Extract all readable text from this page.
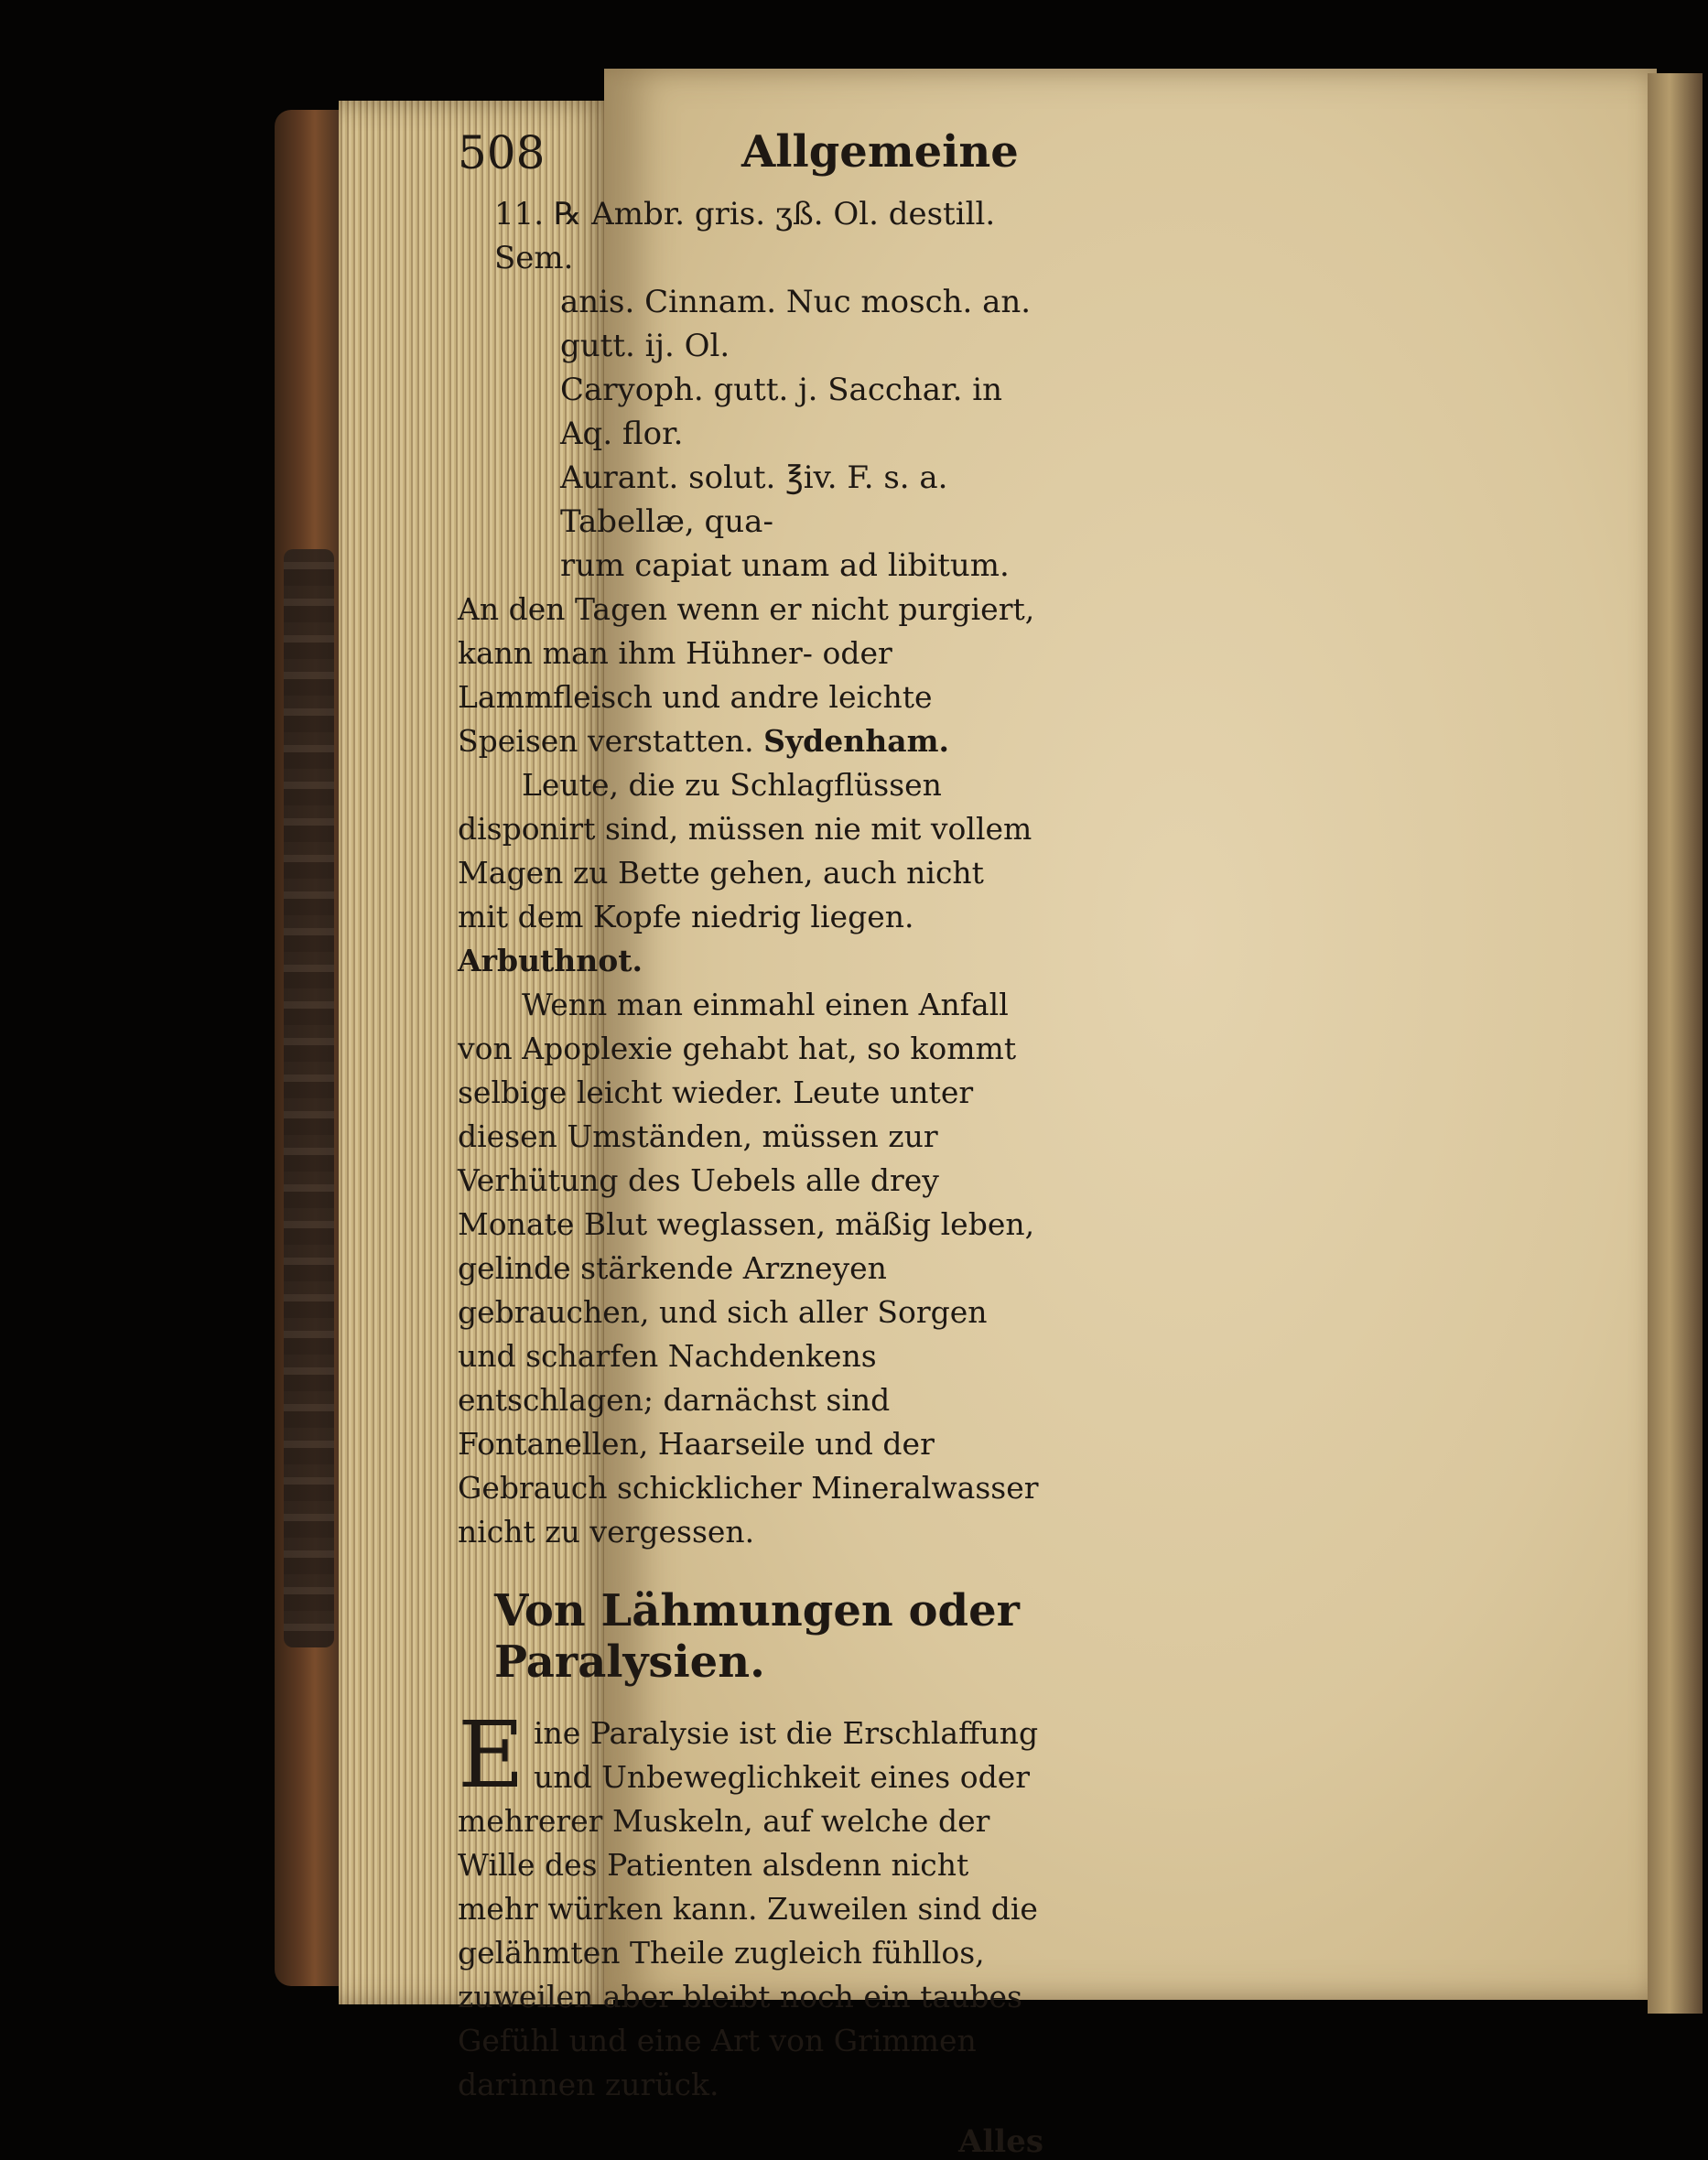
508	Allgemeine

11. ℞ Ambr. gris. ʒß. Ol. destill. Sem.

anis. Cinnam. Nuc mosch. an. gutt. ij. Ol.

Caryoph. gutt. j. Sacchar. in Aq. flor.

Aurant. solut. ℥iv. F. s. a. Tabellæ, qua-

rum capiat unam ad libitum.

An den Tagen wenn er nicht purgiert, kann man ihm Hühner- oder Lammfleisch und andre leichte Speisen verstatten. Sydenham.

Leute, die zu Schlagflüssen disponirt sind, müssen nie mit vollem Magen zu Bette gehen, auch nicht mit dem Kopfe niedrig liegen. Arbuthnot.

Wenn man einmahl einen Anfall von Apoplexie gehabt hat, so kommt selbige leicht wieder. Leute unter diesen Umständen, müssen zur Verhütung des Uebels alle drey Monate Blut weglassen, mäßig leben, gelinde stärkende Arzneyen gebrauchen, und sich aller Sorgen und scharfen Nachdenkens entschlagen; darnächst sind Fontanellen, Haarseile und der Gebrauch schicklicher Mineralwasser nicht zu vergessen.

Von Lähmungen oder Paralysien.
E ine Paralysie ist die Erschlaffung und Unbeweglichkeit eines oder mehrerer Muskeln, auf welche der Wille des Patienten alsdenn nicht mehr würken kann. Zuweilen sind die gelähmten Theile zugleich fühllos, zuweilen aber bleibt noch ein taubes Gefühl und eine Art von Grimmen darinnen zurück.
Alles
